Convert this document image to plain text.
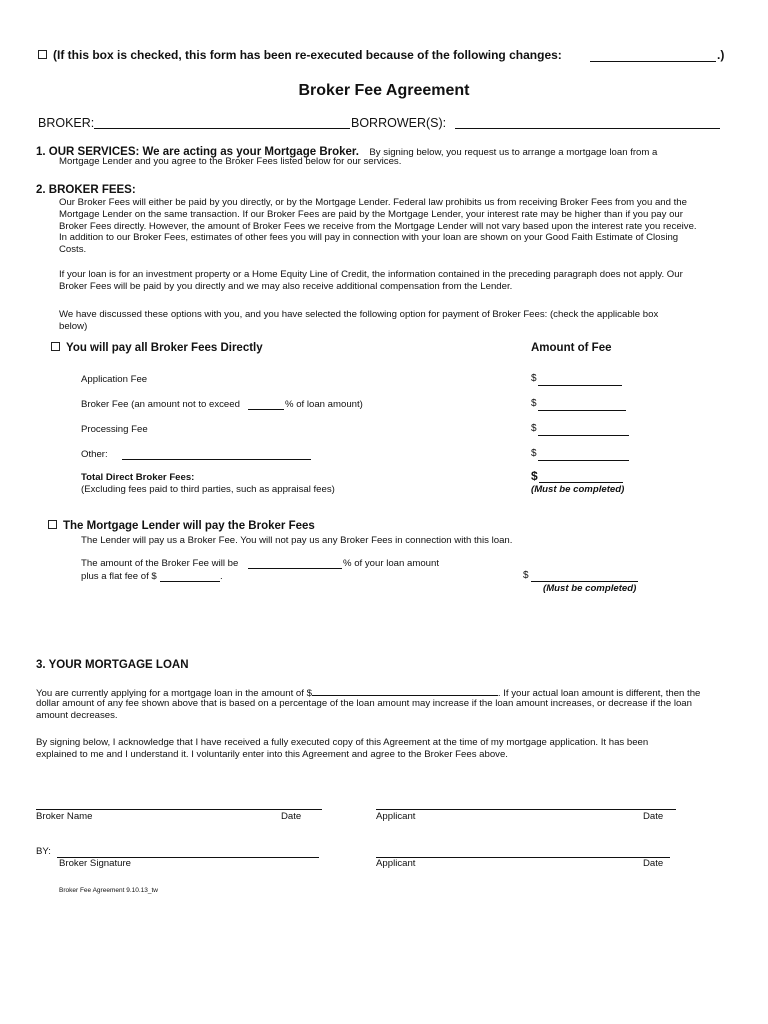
(If this box is checked, this form has been re-executed because of the following changes:	.)
Broker Fee Agreement
BROKER:	BORROWER(S):
1. OUR SERVICES: We are acting as your Mortgage Broker. By signing below, you request us to arrange a mortgage loan from a
Mortgage Lender and you agree to the Broker Fees listed below for our services.
2. BROKER FEES:

Our Broker Fees will either be paid by you directly, or by the Mortgage Lender. Federal law prohibits us from receiving Broker Fees from you and the

Mortgage Lender on the same transaction. If our Broker Fees are paid by the Mortgage Lender, your interest rate may be higher than if you pay our

Broker Fees directly. However, the amount of Broker Fees we receive from the Mortgage Lender will not vary based upon the interest rate you receive.

In addition to our Broker Fees, estimates of other fees you will pay in connection with your loan are shown on your Good Faith Estimate of Closing

Costs.

If your loan is for an investment property or a Home Equity Line of Credit, the information contained in the preceding paragraph does not apply. Our

Broker Fees will be paid by you directly and we may also receive additional compensation from the Lender.

We have discussed these options with you, and you have selected the following option for payment of Broker Fees: (check the applicable box

below)

You will pay all Broker Fees Directly	Amount of Fee
Application Fee	$
Broker Fee (an amount not to exceed	% of loan amount)	$
Processing Fee	$
Other:	$
Total Direct Broker Fees:
(Excluding fees paid to third parties, such as appraisal fees)
$
(Must be completed)
The Mortgage Lender will pay the Broker Fees
The Lender will pay us a Broker Fee. You will not pay us any Broker Fees in connection with this loan.
The amount of the Broker Fee will be	% of your loan amount
plus a flat fee of $	.	$
(Must be completed)
3. YOUR MORTGAGE LOAN
You are currently applying for a mortgage loan in the amount of $	. If your actual loan amount is different, then the

dollar amount of any fee shown above that is based on a percentage of the loan amount may increase if the loan amount increases, or decrease if the loan

amount decreases.

By signing below, I acknowledge that I have received a fully executed copy of this Agreement at the time of my mortgage application. It has been

explained to me and I understand it. I voluntarily enter into this Agreement and agree to the Broker Fees above.

Broker Name	Date	Applicant	Date
BY:
Broker Signature	Applicant	Date
Broker Fee Agreement 9.10.13_tw
